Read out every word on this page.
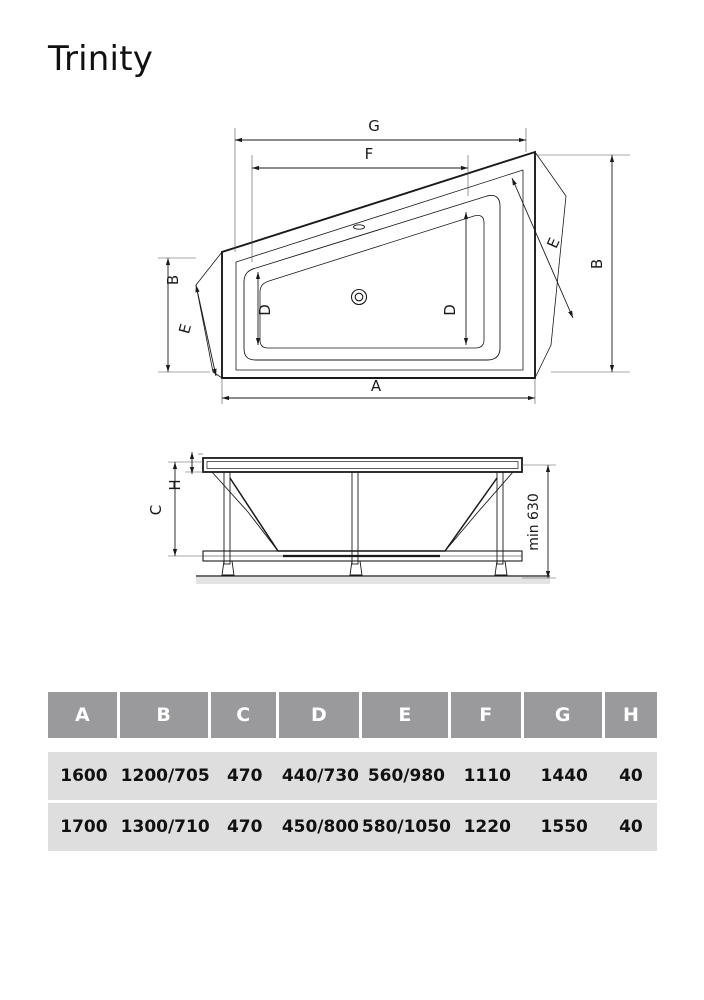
Trinity
G
F
A
B
B
E
E
D	D
C
H
min 630
A	B	C	D	E	F	G	H

1600	1200/705	470	440/730	560/980	1110	1440	40
1700	1300/710	470	450/800	580/1050	1220	1550	40
